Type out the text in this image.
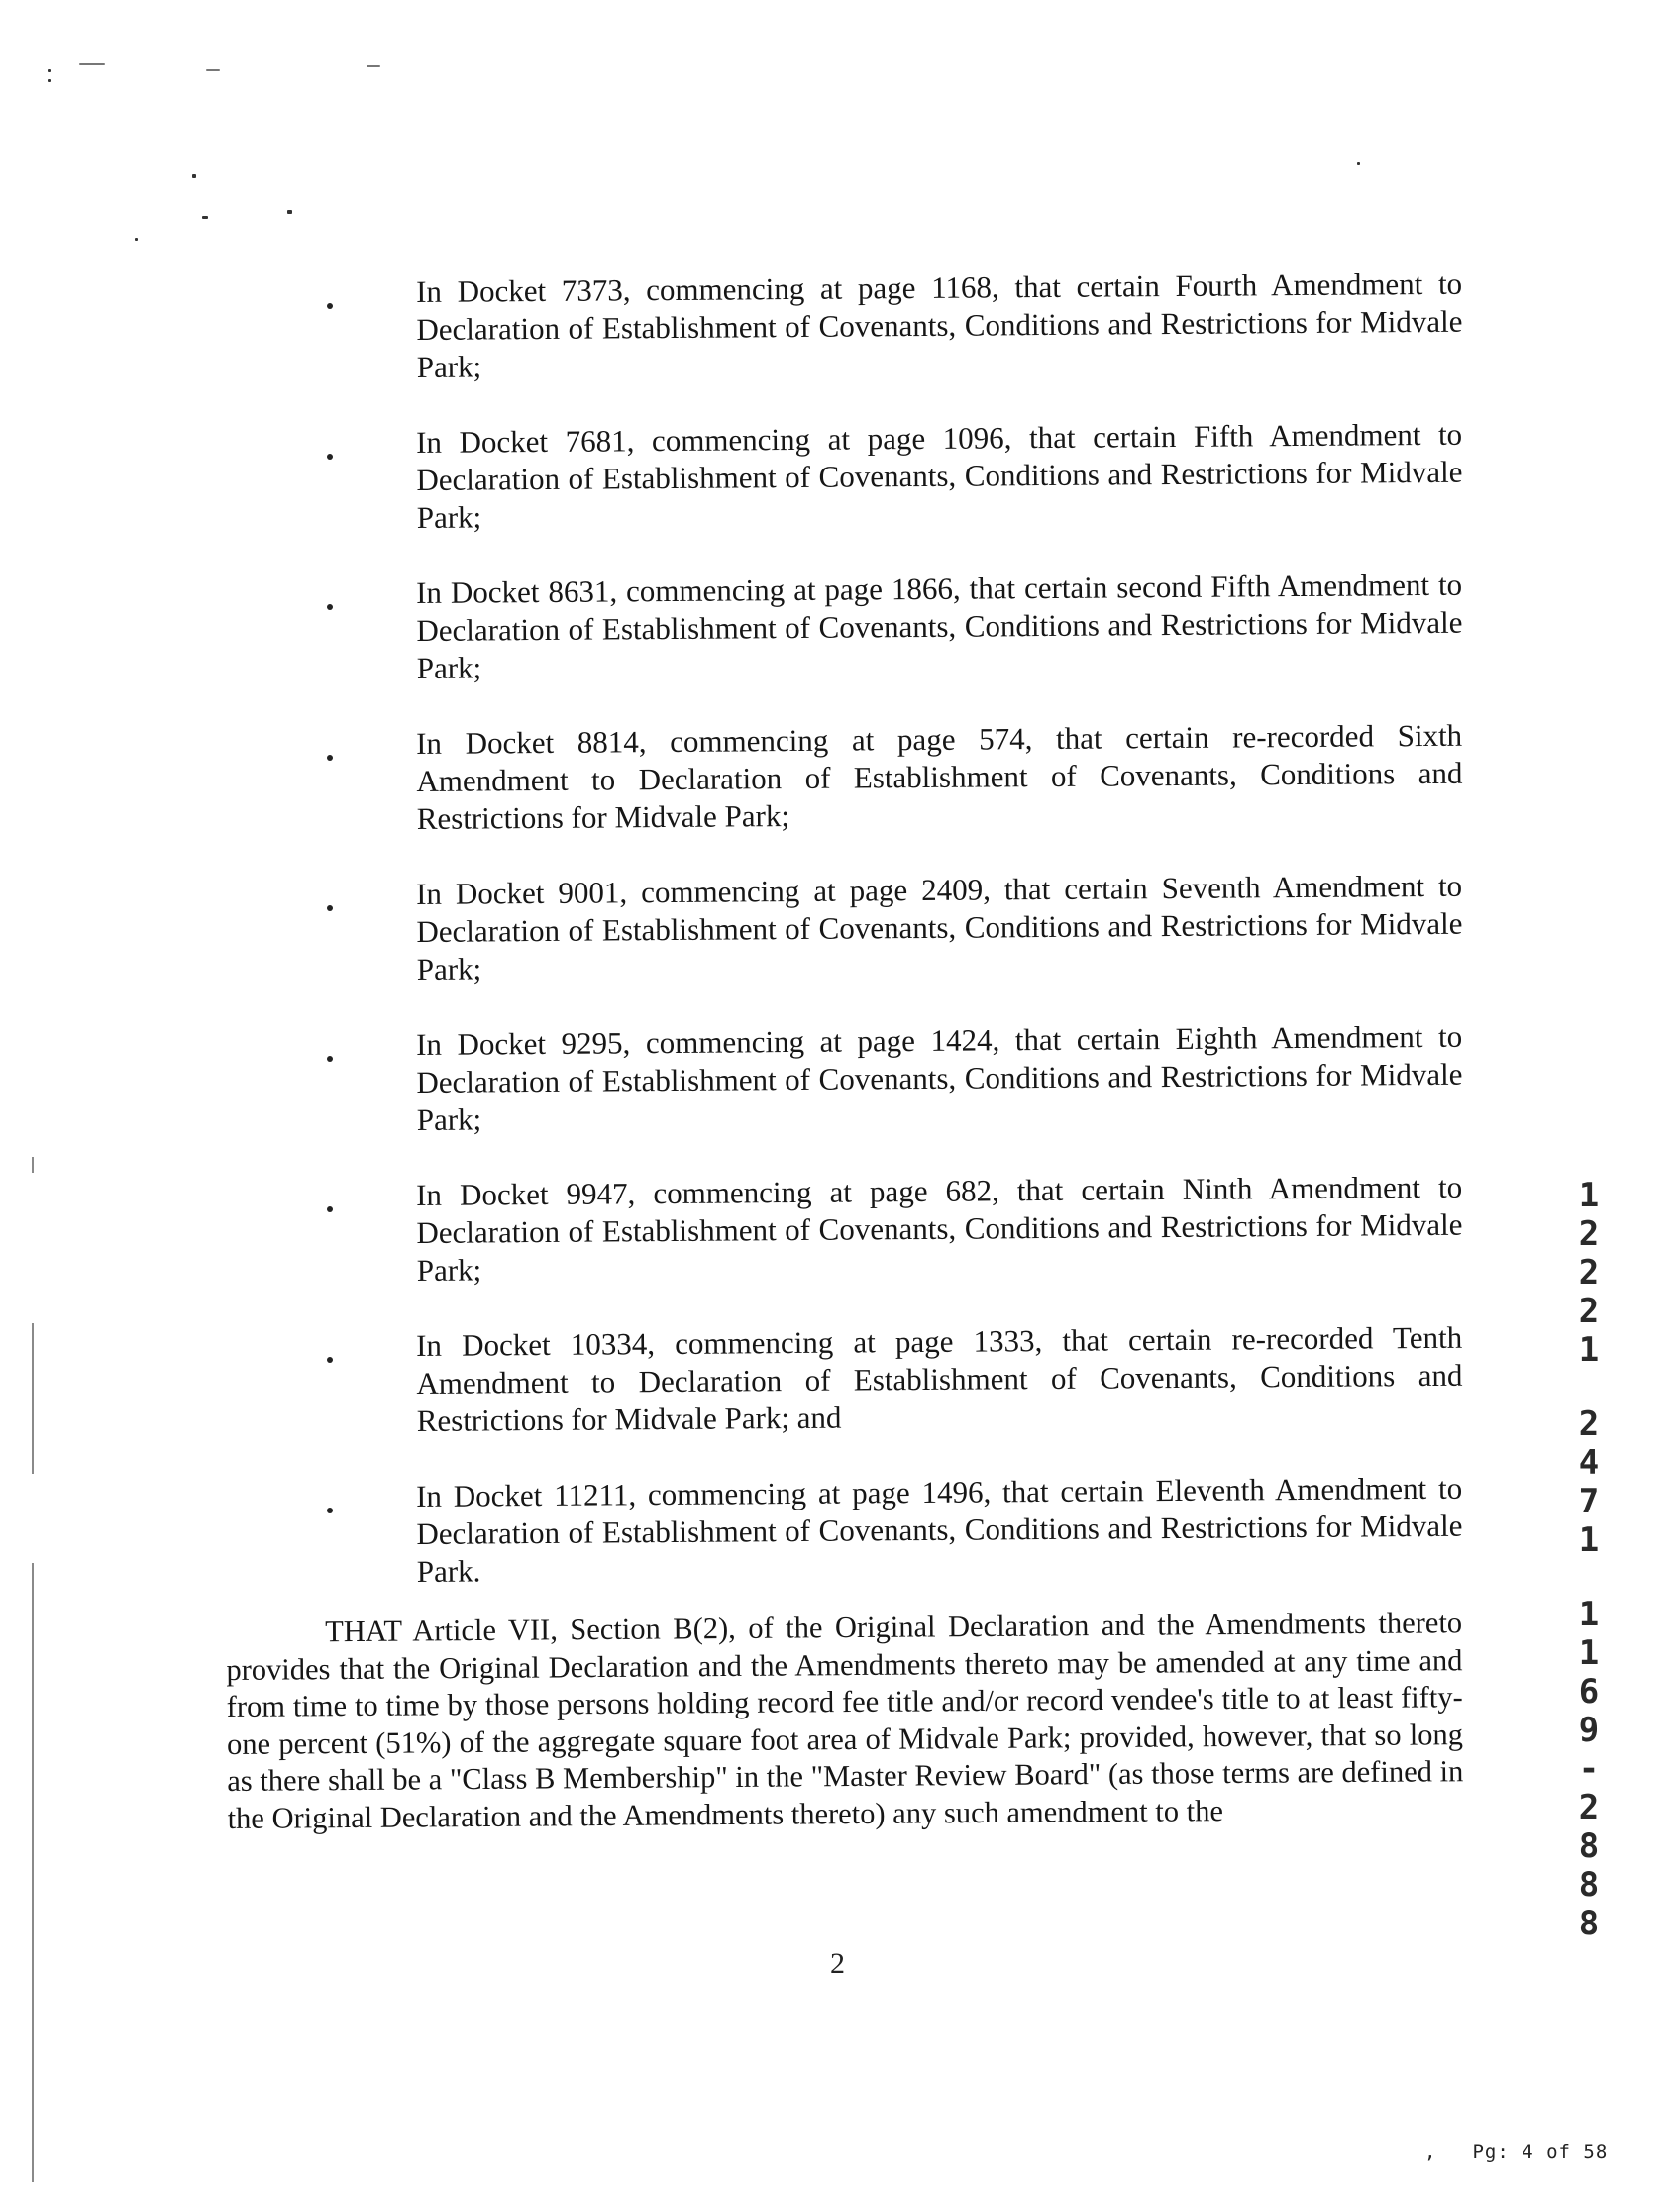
In Docket 7373, commencing at page 1168, that certain Fourth Amendment to Declaration of Establishment of Covenants, Conditions and Restrictions for Midvale Park;
In Docket 7681, commencing at page 1096, that certain Fifth Amendment to Declaration of Establishment of Covenants, Conditions and Restrictions for Midvale Park;
In Docket 8631, commencing at page 1866, that certain second Fifth Amendment to Declaration of Establishment of Covenants, Conditions and Restrictions for Midvale Park;
In Docket 8814, commencing at page 574, that certain re-recorded Sixth Amendment to Declaration of Establishment of Covenants, Conditions and Restrictions for Midvale Park;
In Docket 9001, commencing at page 2409, that certain Seventh Amendment to Declaration of Establishment of Covenants, Conditions and Restrictions for Midvale Park;
In Docket 9295, commencing at page 1424, that certain Eighth Amendment to Declaration of Establishment of Covenants, Conditions and Restrictions for Midvale Park;
In Docket 9947, commencing at page 682, that certain Ninth Amendment to Declaration of Establishment of Covenants, Conditions and Restrictions for Midvale Park;
In Docket 10334, commencing at page 1333, that certain re-recorded Tenth Amendment to Declaration of Establishment of Covenants, Conditions and Restrictions for Midvale Park; and
In Docket 11211, commencing at page 1496, that certain Eleventh Amendment to Declaration of Establishment of Covenants, Conditions and Restrictions for Midvale Park.
THAT Article VII, Section B(2), of the Original Declaration and the Amendments thereto provides that the Original Declaration and the Amendments thereto may be amended at any time and from time to time by those persons holding record fee title and/or record vendee's title to at least fifty-one percent (51%) of the aggregate square foot area of Midvale Park; provided, however, that so long as there shall be a "Class B Membership" in the "Master Review Board" (as those terms are defined in the Original Declaration and the Amendments thereto) any such amendment to the
2
, Pg: 4 of 58
1
2
2
2
1
2
4
7
1
1
1
6
9
-
2
8
8
8
